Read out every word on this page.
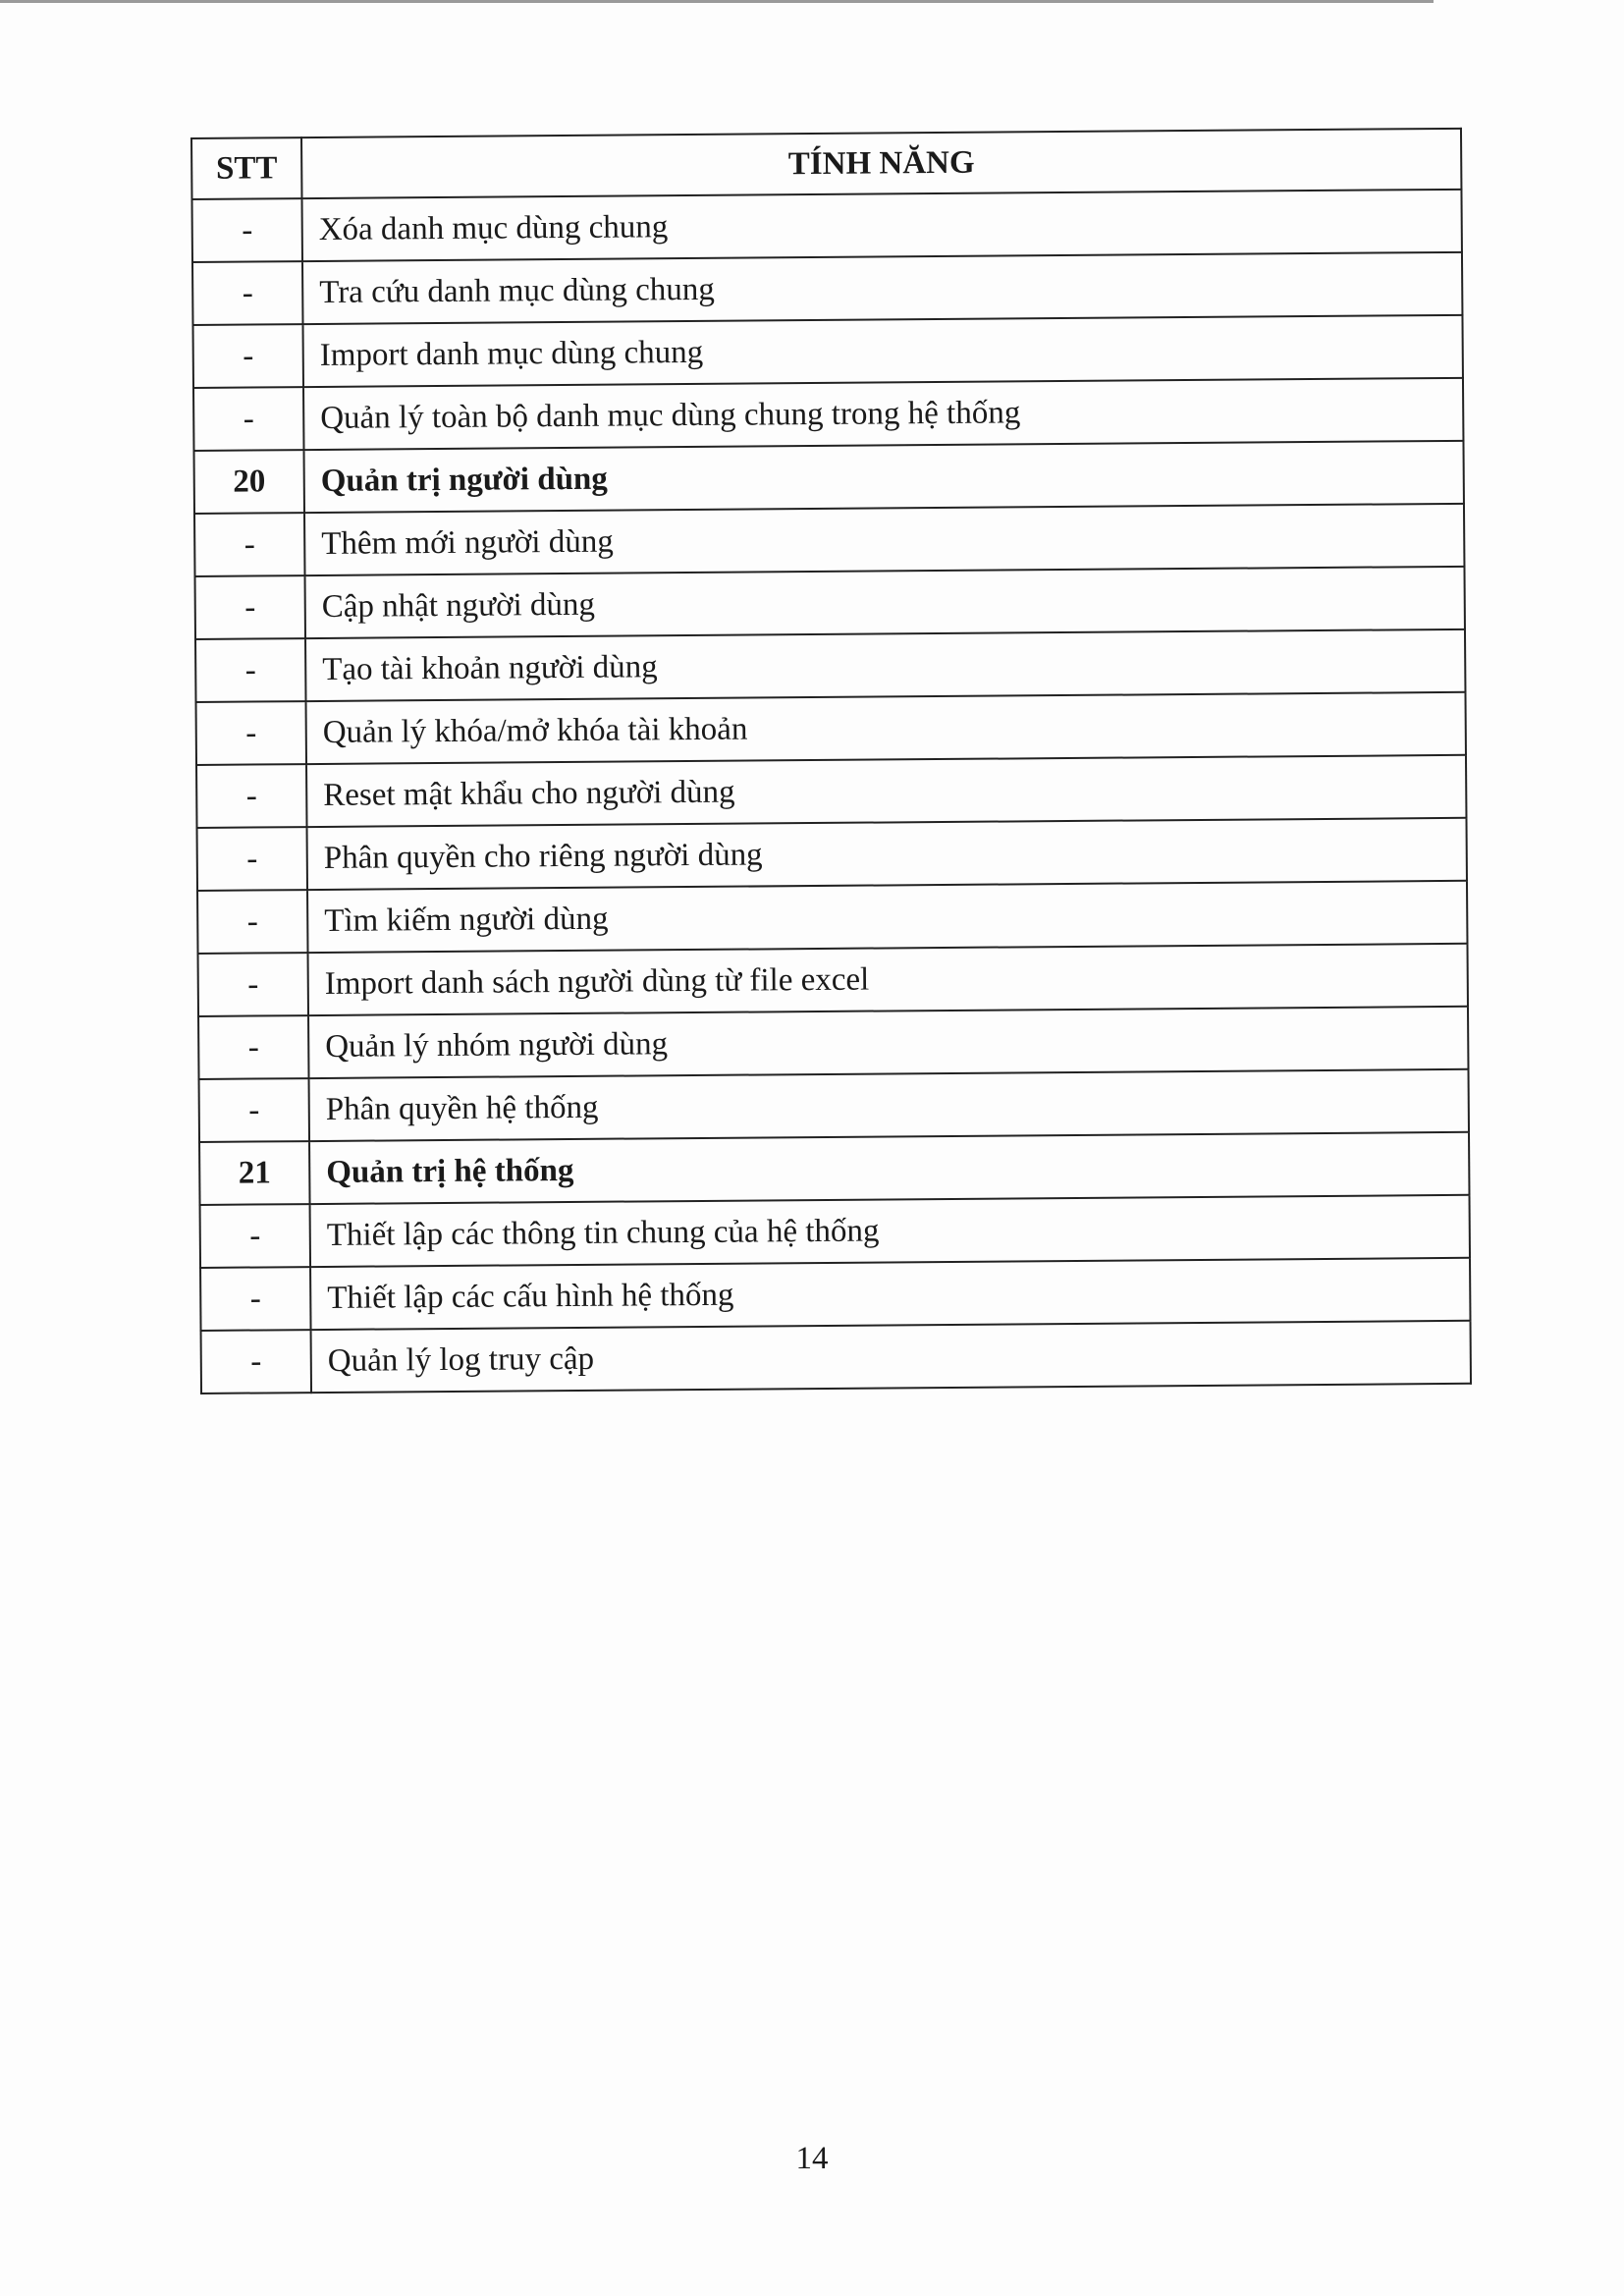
STT	TÍNH NĂNG
-	Xóa danh mục dùng chung
-	Tra cứu danh mục dùng chung
-	Import danh mục dùng chung
-	Quản lý toàn bộ danh mục dùng chung trong hệ thống
20	Quản trị người dùng
-	Thêm mới người dùng
-	Cập nhật người dùng
-	Tạo tài khoản người dùng
-	Quản lý khóa/mở khóa tài khoản
-	Reset mật khẩu cho người dùng
-	Phân quyền cho riêng người dùng
-	Tìm kiếm người dùng
-	Import danh sách người dùng từ file excel
-	Quản lý nhóm người dùng
-	Phân quyền hệ thống
21	Quản trị hệ thống
-	Thiết lập các thông tin chung của hệ thống
-	Thiết lập các cấu hình hệ thống
-	Quản lý log truy cập
14
